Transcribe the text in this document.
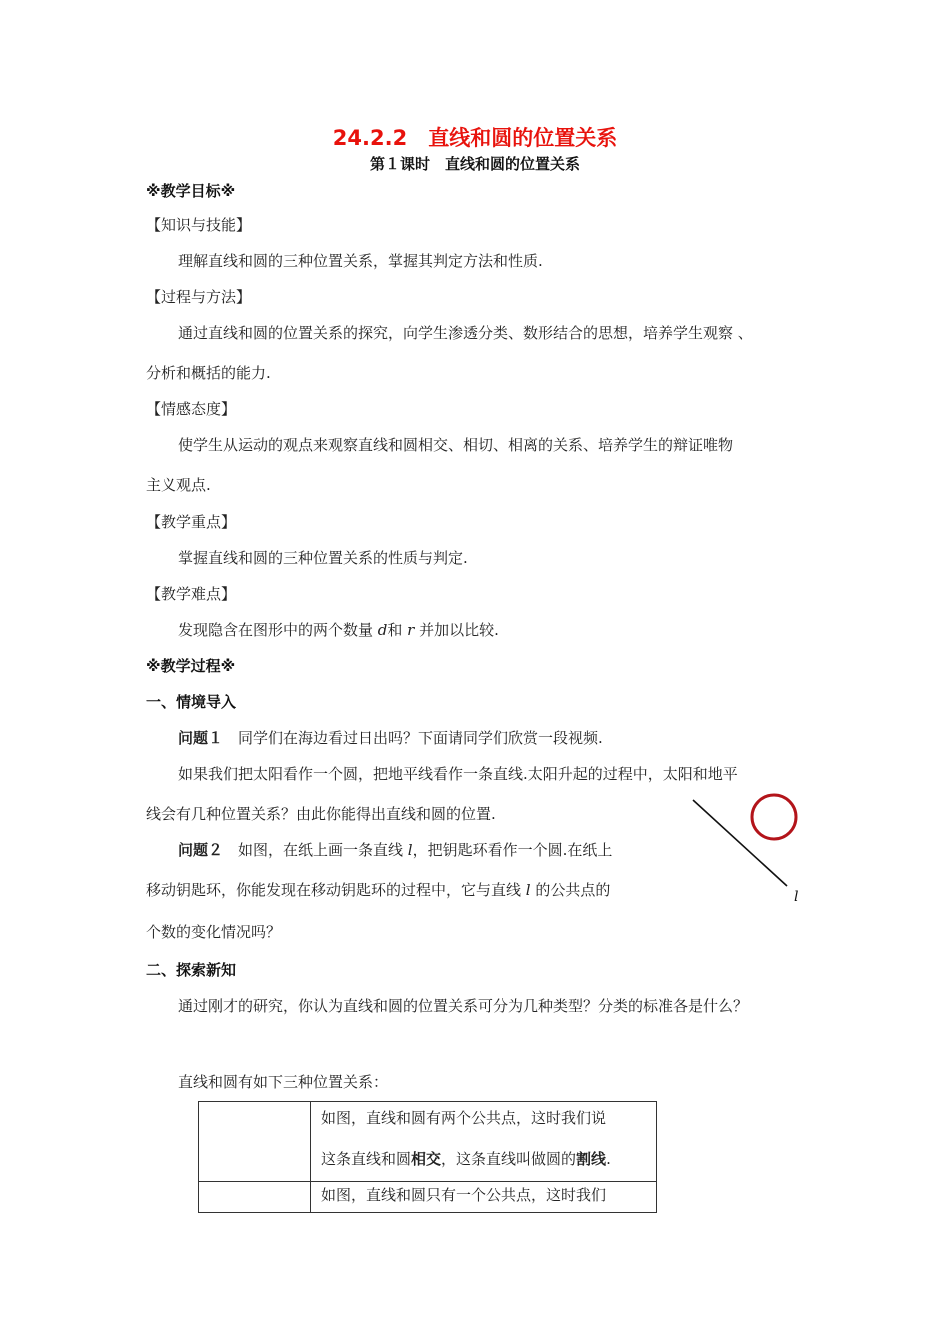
24.2.2　直线和圆的位置关系
第１课时　直线和圆的位置关系
※教学目标※
【知识与技能】
理解直线和圆的三种位置关系，掌握其判定方法和性质.
【过程与方法】
通过直线和圆的位置关系的探究，向学生渗透分类、数形结合的思想，培养学生观察 、
分析和概括的能力.
【情感态度】
使学生从运动的观点来观察直线和圆相交、相切、相离的关系、培养学生的辩证唯物
主义观点.
【教学重点】
掌握直线和圆的三种位置关系的性质与判定.
【教学难点】
发现隐含在图形中的两个数量 d和 r 并加以比较.
※教学过程※
一、情境导入
问题１　同学们在海边看过日出吗？下面请同学们欣赏一段视频.
如果我们把太阳看作一个圆，把地平线看作一条直线.太阳升起的过程中，太阳和地平
线会有几种位置关系？由此你能得出直线和圆的位置.
问题２　如图，在纸上画一条直线 l，把钥匙环看作一个圆.在纸上
移动钥匙环，你能发现在移动钥匙环的过程中，它与直线 l 的公共点的
个数的变化情况吗？
l
二、探索新知
通过刚才的研究，你认为直线和圆的位置关系可分为几种类型？分类的标准各是什么？
直线和圆有如下三种位置关系：

	如图，直线和圆有两个公共点，这时我们说
这条直线和圆相交，这条直线叫做圆的割线.

	如图，直线和圆只有一个公共点，这时我们
